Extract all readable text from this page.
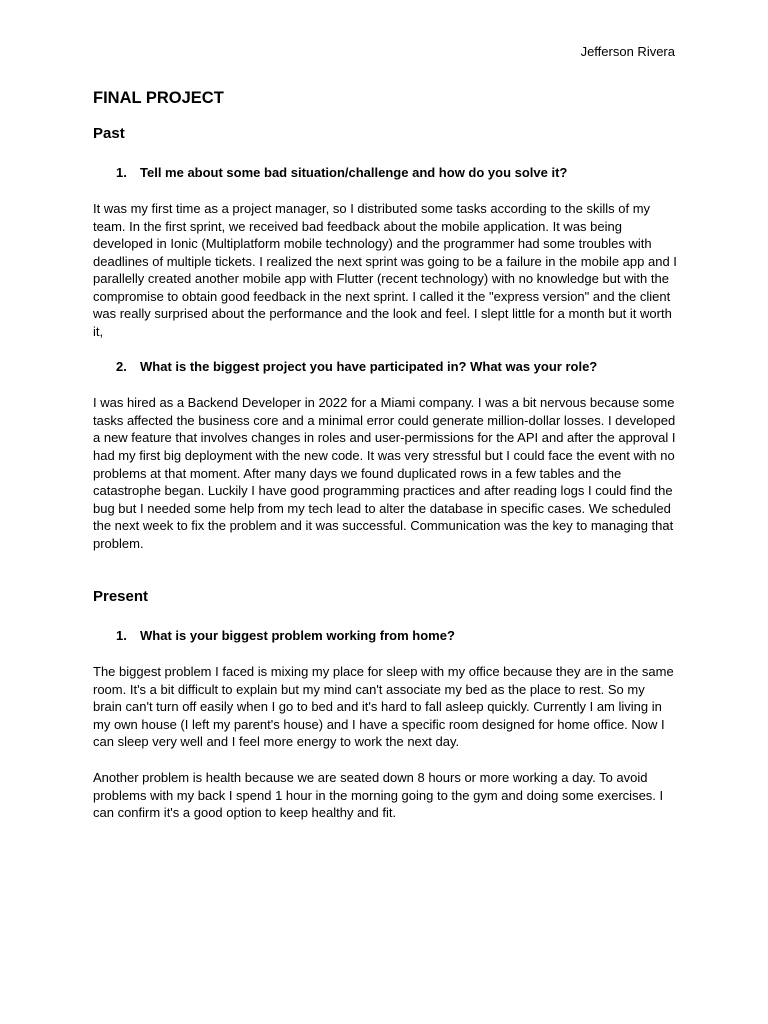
Jefferson Rivera
FINAL PROJECT
Past
1.	Tell me about some bad situation/challenge and how do you solve it?

It was my first time as a project manager, so I distributed some tasks according to the skills of my team. In the first sprint, we received bad feedback about the mobile application. It was being developed in Ionic (Multiplatform mobile technology) and the programmer had some troubles with deadlines of multiple tickets. I realized the next sprint was going to be a failure in the mobile app and I parallelly created another mobile app with Flutter (recent technology) with no knowledge but with the compromise to obtain good feedback in the next sprint. I called it the "express version" and the client was really surprised about the performance and the look and feel. I slept little for a month but it worth it,

2.	What is the biggest project you have participated in? What was your role?

I was hired as a Backend Developer in 2022 for a Miami company. I was a bit nervous because some tasks affected the business core and a minimal error could generate million-dollar losses. I developed a new feature that involves changes in roles and user-permissions for the API and after the approval I had my first big deployment with the new code. It was very stressful but I could face the event with no problems at that moment. After many days we found duplicated rows in a few tables and the catastrophe began. Luckily I have good programming practices and after reading logs I could find the bug but I needed some help from my tech lead to alter the database in specific cases. We scheduled the next week to fix the problem and it was successful. Communication was the key to managing that problem.

Present
1.	What is your biggest problem working from home?

The biggest problem I faced is mixing my place for sleep with my office because they are in the same room. It's a bit difficult to explain but my mind can't associate my bed as the place to rest. So my brain can't turn off easily when I go to bed and it's hard to fall asleep quickly. Currently I am living in my own house (I left my parent's house) and I have a specific room designed for home office. Now I can sleep very well and I feel more energy to work the next day.

Another problem is health because we are seated down 8 hours or more working a day. To avoid problems with my back I spend 1 hour in the morning going to the gym and doing some exercises. I can confirm it's a good option to keep healthy and fit.
